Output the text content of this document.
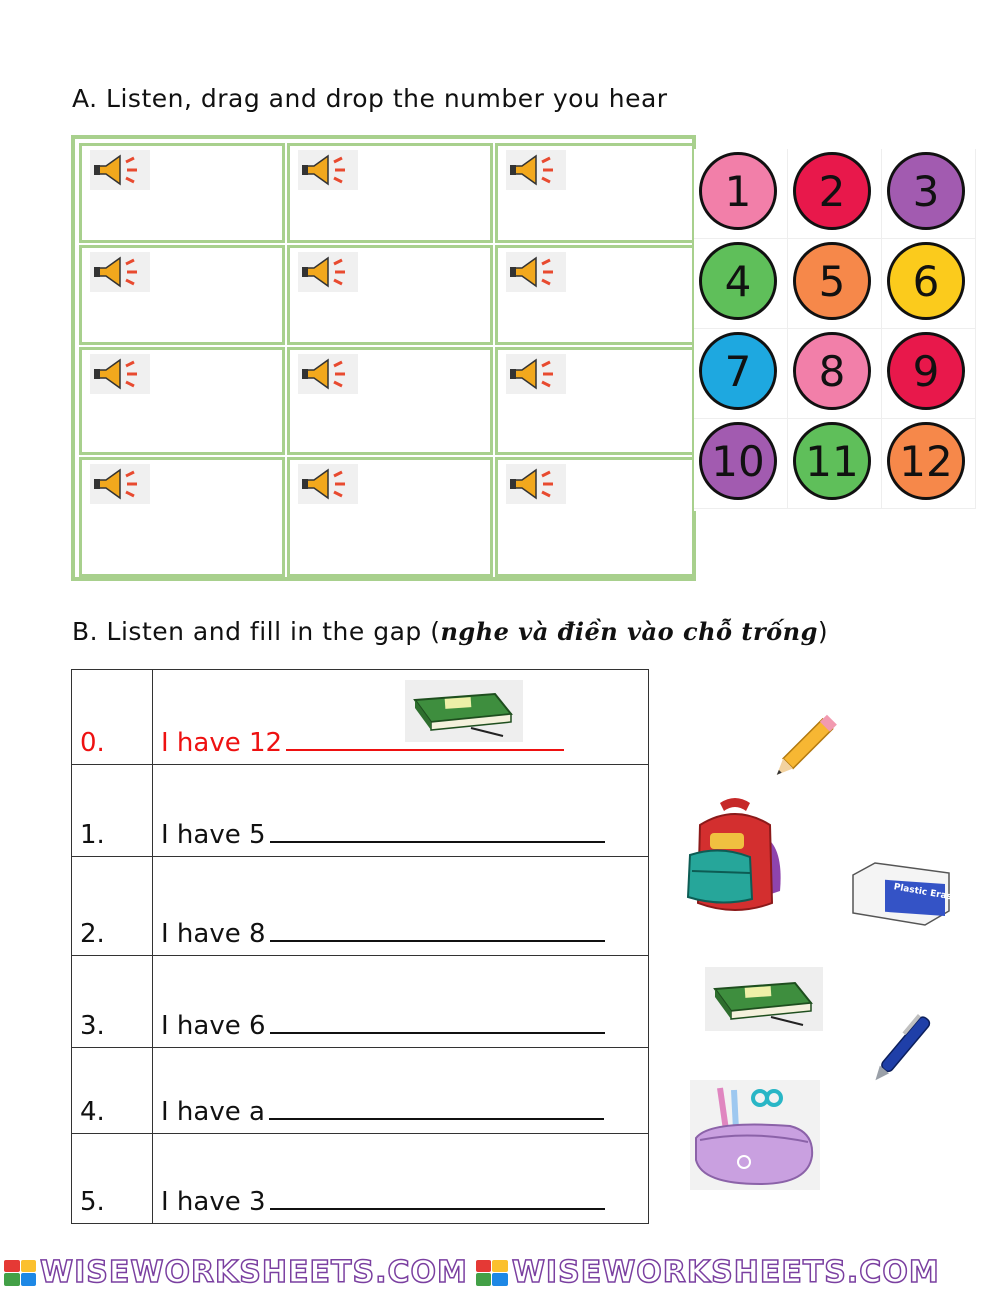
A. Listen, drag and drop the number you hear
1	2	3
4	5	6
7	8	9
10 11 12
B. Listen and fill in the gap (nghe và điền vào chỗ trống)
0.	I have 12
1.	I have 5
2.	I have 8
3.	I have 6
4.	I have a
5.	I have 3
Plastic Eraser
WISEWORKSHEETS.COM WISEWORKSHEETS.COM
